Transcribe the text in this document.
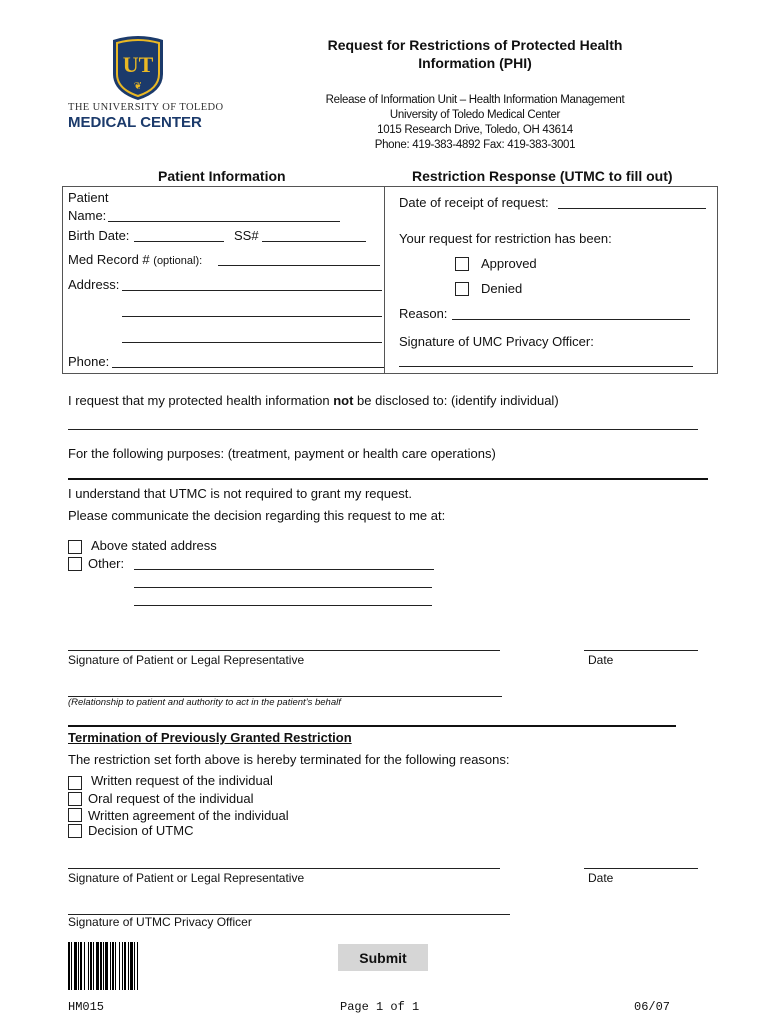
UT
❦
THE UNIVERSITY OF TOLEDO
MEDICAL CENTER
Request for Restrictions of Protected Health Information (PHI)
Release of Information Unit – Health Information Management
University of Toledo Medical Center
1015 Research Drive, Toledo, OH 43614
Phone: 419-383-4892 Fax: 419-383-3001
Patient Information	Restriction Response (UTMC to fill out)
Patient
Name:
Birth Date:	SS#
Med Record # (optional):
Address:
Phone:
Date of receipt of request:
Your request for restriction has been:
Approved
Denied
Reason:
Signature of UMC Privacy Officer:
I request that my protected health information not be disclosed to: (identify individual)
For the following purposes: (treatment, payment or health care operations)
I understand that UTMC is not required to grant my request.
Please communicate the decision regarding this request to me at:
Above stated address
Other:
Signature of Patient or Legal Representative	Date
(Relationship to patient and authority to act in the patient’s behalf
Termination of Previously Granted Restriction
The restriction set forth above is hereby terminated for the following reasons:
Written request of the individual
Oral request of the individual
Written agreement of the individual
Decision of UTMC
Signature of Patient or Legal Representative	Date
Signature of UTMC Privacy Officer
Submit
HM015	Page 1 of 1	06/07
